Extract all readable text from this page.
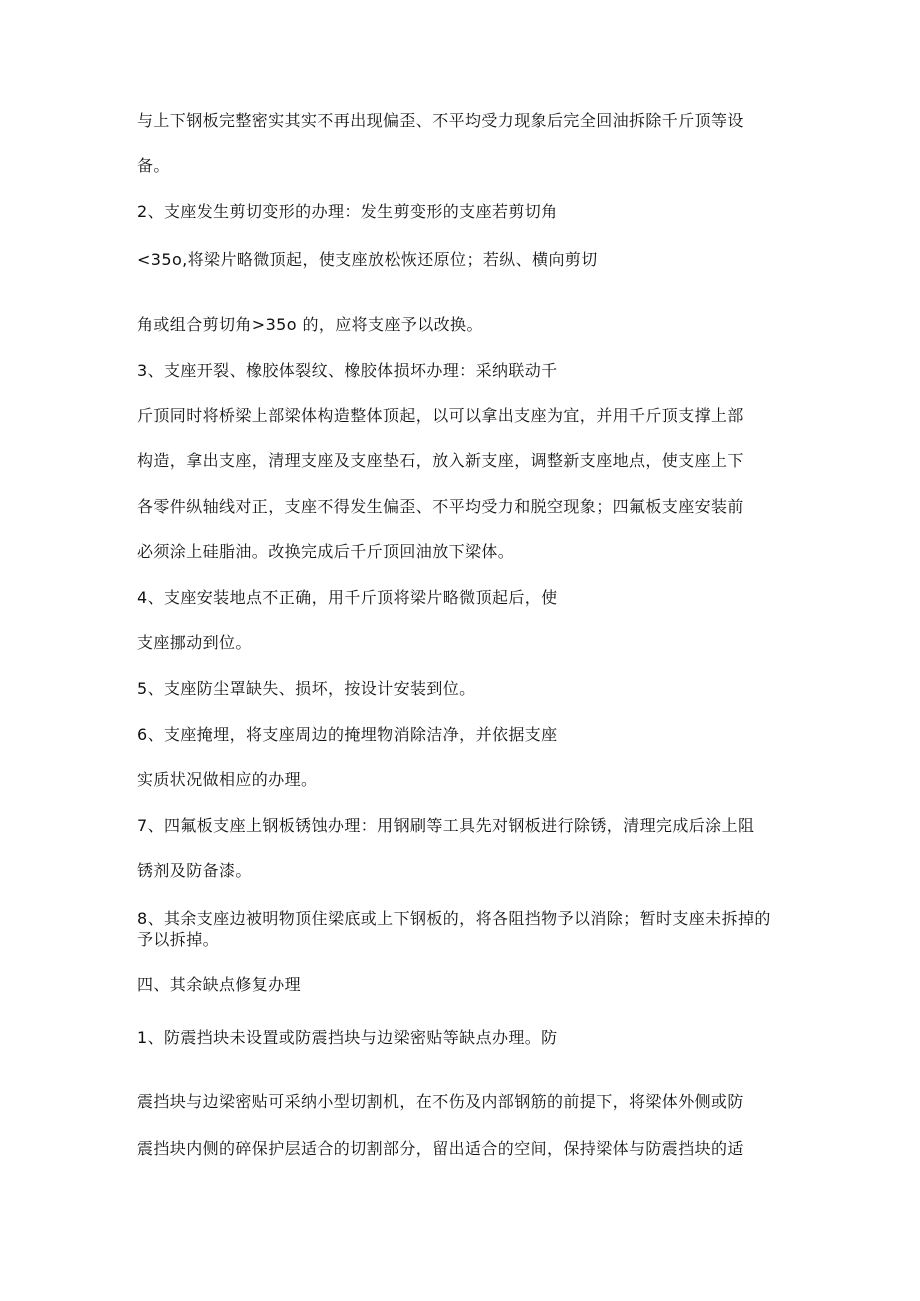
与上下钢板完整密实其实不再出现偏歪、不平均受力现象后完全回油拆除千斤顶等设
备。
2、支座发生剪切变形的办理：发生剪变形的支座若剪切角
<35o,将梁片略微顶起，使支座放松恢还原位；若纵、横向剪切
角或组合剪切角>35o 的，应将支座予以改换。
3、支座开裂、橡胶体裂纹、橡胶体损坏办理：采纳联动千
斤顶同时将桥梁上部梁体构造整体顶起，以可以拿出支座为宜，并用千斤顶支撑上部
构造，拿出支座，清理支座及支座垫石，放入新支座，调整新支座地点，使支座上下
各零件纵轴线对正，支座不得发生偏歪、不平均受力和脱空现象；四氟板支座安装前
必须涂上硅脂油。改换完成后千斤顶回油放下梁体。
4、支座安装地点不正确，用千斤顶将梁片略微顶起后，使
支座挪动到位。
5、支座防尘罩缺失、损坏，按设计安装到位。
6、支座掩埋，将支座周边的掩埋物消除洁净，并依据支座
实质状况做相应的办理。
7、四氟板支座上钢板锈蚀办理：用钢刷等工具先对钢板进行除锈，清理完成后涂上阻
锈剂及防备漆。
8、其余支座边被明物顶住梁底或上下钢板的，将各阻挡物予以消除；暂时支座未拆掉的予以拆掉。
四、其余缺点修复办理
1、防震挡块未设置或防震挡块与边梁密贴等缺点办理。防
震挡块与边梁密贴可采纳小型切割机，在不伤及内部钢筋的前提下，将梁体外侧或防
震挡块内侧的碎保护层适合的切割部分，留出适合的空间，保持梁体与防震挡块的适
